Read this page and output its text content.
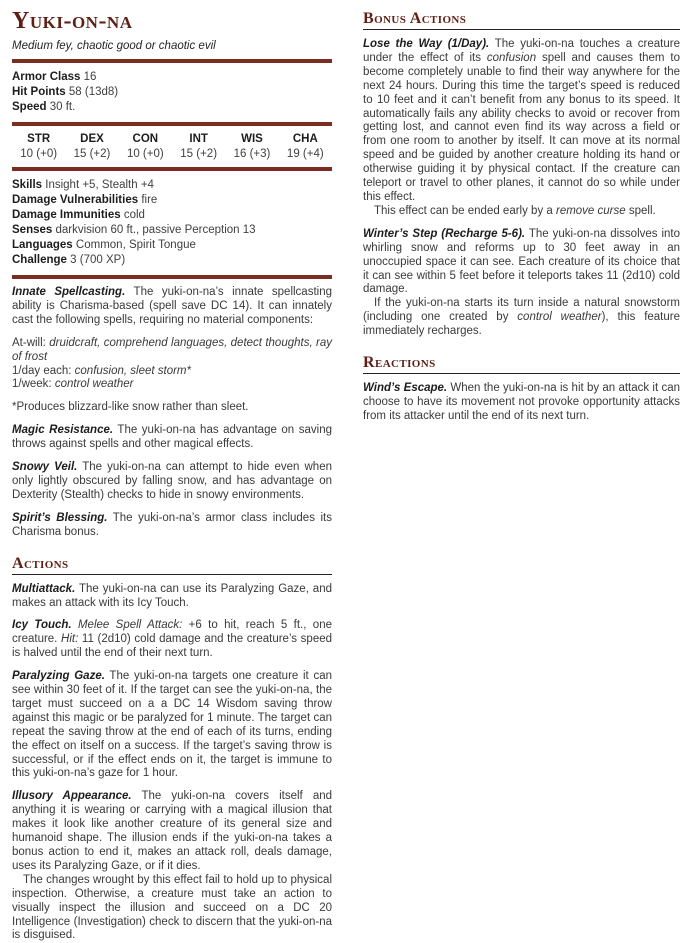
Yuki-on-na
Medium fey, chaotic good or chaotic evil
Armor Class 16
Hit Points 58 (13d8)
Speed 30 ft.
STR
10 (+0)
DEX
15 (+2)
CON
10 (+0)
INT
15 (+2)
WIS
16 (+3)
CHA
19 (+4)
Skills Insight +5, Stealth +4
Damage Vulnerabilities fire
Damage Immunities cold
Senses darkvision 60 ft., passive Perception 13
Languages Common, Spirit Tongue
Challenge 3 (700 XP)

Innate Spellcasting. The yuki-on-na’s innate spellcasting ability is Charisma-based (spell save DC 14). It can innately cast the following spells, requiring no material components:

At-will: druidcraft, comprehend languages, detect thoughts, ray of frost

1/day each: confusion, sleet storm*

1/week: control weather

*Produces blizzard-like snow rather than sleet.

Magic Resistance. The yuki-on-na has advantage on saving throws against spells and other magical effects.

Snowy Veil. The yuki-on-na can attempt to hide even when only lightly obscured by falling snow, and has advantage on Dexterity (Stealth) checks to hide in snowy environments.

Spirit’s Blessing. The yuki-on-na’s armor class includes its Charisma bonus.

Actions

Multiattack. The yuki-on-na can use its Paralyzing Gaze, and makes an attack with its Icy Touch.

Icy Touch. Melee Spell Attack: +6 to hit, reach 5 ft., one creature. Hit: 11 (2d10) cold damage and the creature’s speed is halved until the end of their next turn.

Paralyzing Gaze. The yuki-on-na targets one creature it can see within 30 feet of it. If the target can see the yuki-on-na, the target must succeed on a a DC 14 Wisdom saving throw against this magic or be paralyzed for 1 minute. The target can repeat the saving throw at the end of each of its turns, ending the effect on itself on a success. If the target’s saving throw is successful, or if the effect ends on it, the target is immune to this yuki-on-na’s gaze for 1 hour.

Illusory Appearance. The yuki-on-na covers itself and anything it is wearing or carrying with a magical illusion that makes it look like another creature of its general size and humanoid shape. The illusion ends if the yuki-on-na takes a bonus action to end it, makes an attack roll, deals damage, uses its Paralyzing Gaze, or if it dies.

The changes wrought by this effect fail to hold up to physical inspection. Otherwise, a creature must take an action to visually inspect the illusion and succeed on a DC 20 Intelligence (Investigation) check to discern that the yuki-on-na is disguised.

Bonus Actions

Lose the Way (1/Day). The yuki-on-na touches a creature under the effect of its confusion spell and causes them to become completely unable to find their way anywhere for the next 24 hours. During this time the target’s speed is reduced to 10 feet and it can’t benefit from any bonus to its speed. It automatically fails any ability checks to avoid or recover from getting lost, and cannot even find its way across a field or from one room to another by itself. It can move at its normal speed and be guided by another creature holding its hand or otherwise guiding it by physical contact. If the creature can teleport or travel to other planes, it cannot do so while under this effect.

This effect can be ended early by a remove curse spell.

Winter’s Step (Recharge 5-6). The yuki-on-na dissolves into whirling snow and reforms up to 30 feet away in an unoccupied space it can see. Each creature of its choice that it can see within 5 feet before it teleports takes 11 (2d10) cold damage.

If the yuki-on-na starts its turn inside a natural snowstorm (including one created by control weather), this feature immediately recharges.

Reactions

Wind’s Escape. When the yuki-on-na is hit by an attack it can choose to have its movement not provoke opportunity attacks from its attacker until the end of its next turn.
